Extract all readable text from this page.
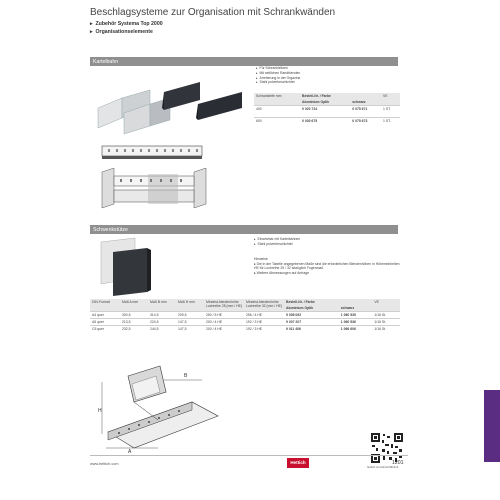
Beschlagsysteme zur Organisation mit Schrankwänden
▸ Zubehör Systema Top 2000
▸ Organisationselemente
Kartelbahn
▸ Für Schrankleitzen
▸ Mit seitlichen Randblenden
▸ Arretierung in der Orgazine
▸ Stahl pulverbeschichtet
Schrankteife mm	Bestell-Nr. / Farbe		VE
	Aluminium Optik	schwarz	
400	0 020 724	0 075 671	1 ST.
600	0 030 675	0 075 673	1 ST.
Schwenkstütze
▸ Einsetzbar mit Karteibahnen
▸ Stahl pulverbeschichtet
Hinweise
▸ Die in der Tabelle angegebenen Maße sind die erforderlichen Blendenhöhen in Höheneinheiten HE für Lochreihe 25 / 32 abzüglich Fugenmaß
▸ Weitere Abmessungen auf Anfrage
DIN-Format	Maß A mm	Maß B mm	Maß H mm	Mindest-blendenhöhe Lochreihe 25 (mm / HE)	Mindest-blendenhöhe Lochreihe 32 (mm / HE)	Bestell-Nr. / Farbe		VE
						Aluminium Optik	schwarz	
A4 quer	300,5	314,5	209,5	250 / 5 HE	256 / 4 HE	9 008 062	1 060 535	1/16 St.
A5 quer	213,5	224,5	147,5	200 / 4 HE	192 / 3 HE	9 007 207	1 060 536	1/16 St.
C5 quer	232,5	244,5	147,5	200 / 4 HE	192 / 3 HE	9 011 406	1 066 606	1/16 St.
H
A
B
hettich.com/short/0914c3
www.hettich.com	Hettich	1201
